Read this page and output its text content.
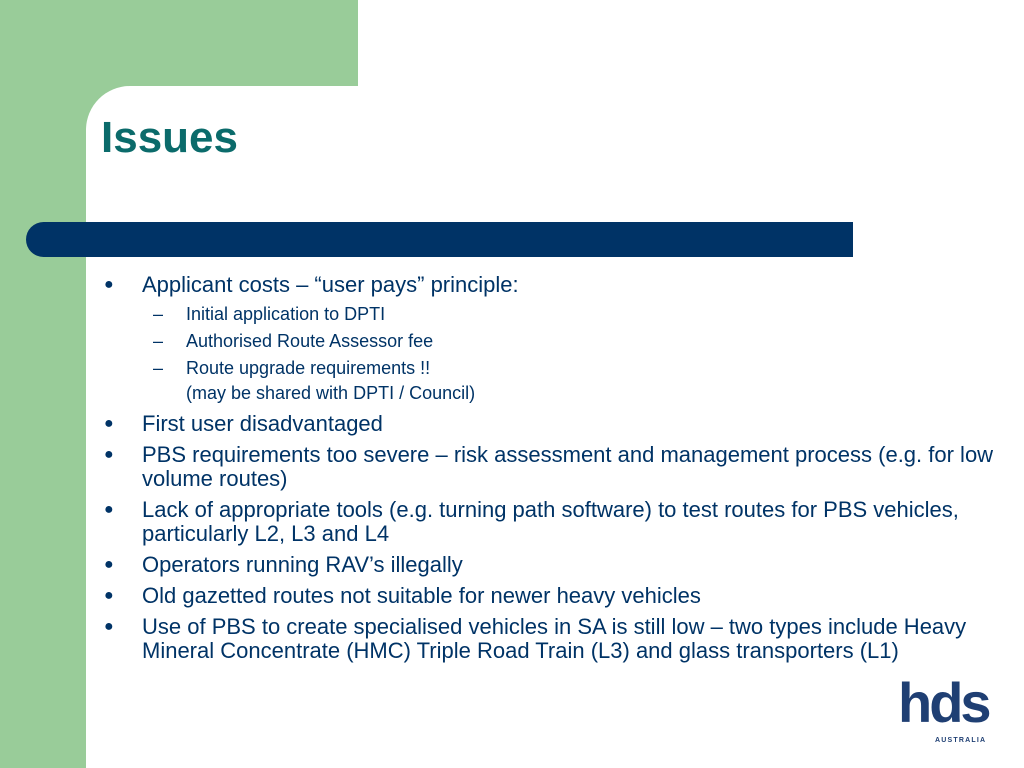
Issues
● Applicant costs – “user pays” principle:
– Initial application to DPTI
– Authorised Route Assessor fee
– Route upgrade requirements !!
(may be shared with DPTI / Council)
● First user disadvantaged
● PBS requirements too severe – risk assessment and management process (e.g. for low volume routes)
● Lack of appropriate tools (e.g. turning path software) to test routes for PBS vehicles, particularly L2, L3 and L4
● Operators running RAV’s illegally
● Old gazetted routes not suitable for newer heavy vehicles
● Use of PBS to create specialised vehicles in SA is still low – two types include Heavy Mineral Concentrate (HMC) Triple Road Train (L3) and glass transporters (L1)
hds
AUSTRALIA
